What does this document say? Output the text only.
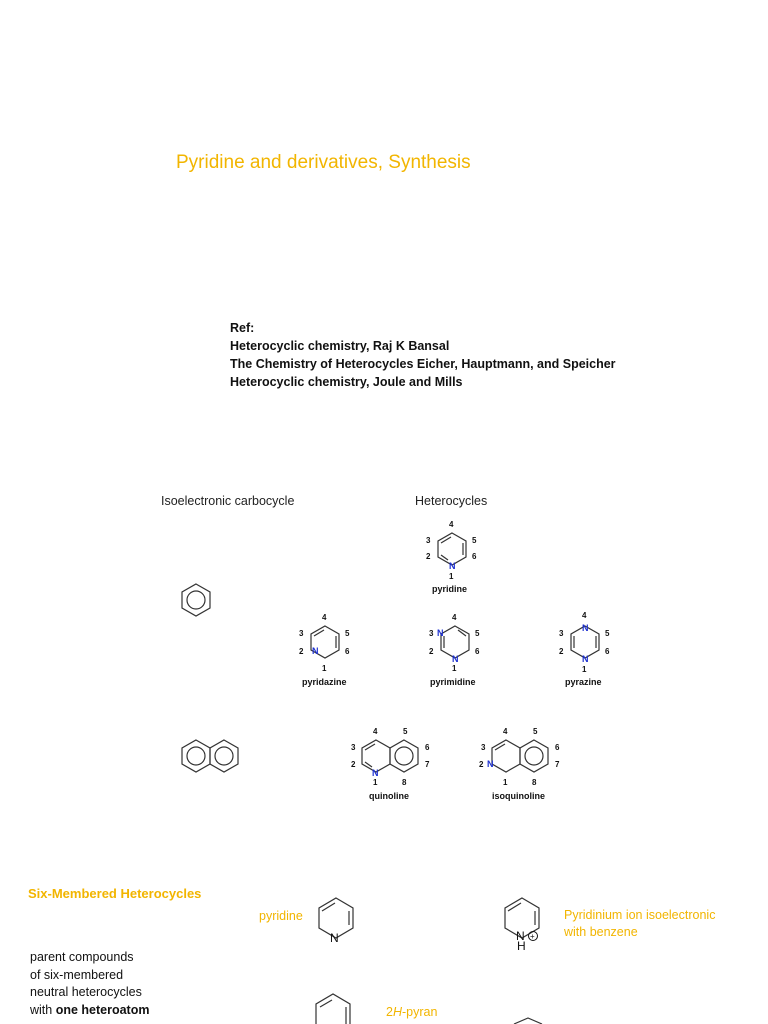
Pyridine and derivatives, Synthesis
Ref:
Heterocyclic chemistry, Raj K Bansal
The Chemistry of Heterocycles Eicher, Hauptmann, and Speicher
Heterocyclic chemistry, Joule and Mills
Isoelectronic carbocycle	Heterocycles
N
N
N
N
N
N
N
N
4
3	5
2	6
1
4
3	5
2	6
1
4
3	5
2	6
1
4
3	5
2	6
1
4	5
3	6
2	7
1	8
4	5
3	6
2	7
1	8
N	N
H
+
pyridine
pyridazine	pyrimidine	pyrazine
quinoline	isoquinoline
Six-Membered Heterocycles
pyridine	Pyridinium ion isoelectronic
with benzene
2H-pyran
parent compounds
of six-membered
neutral heterocycles
with one heteroatom
